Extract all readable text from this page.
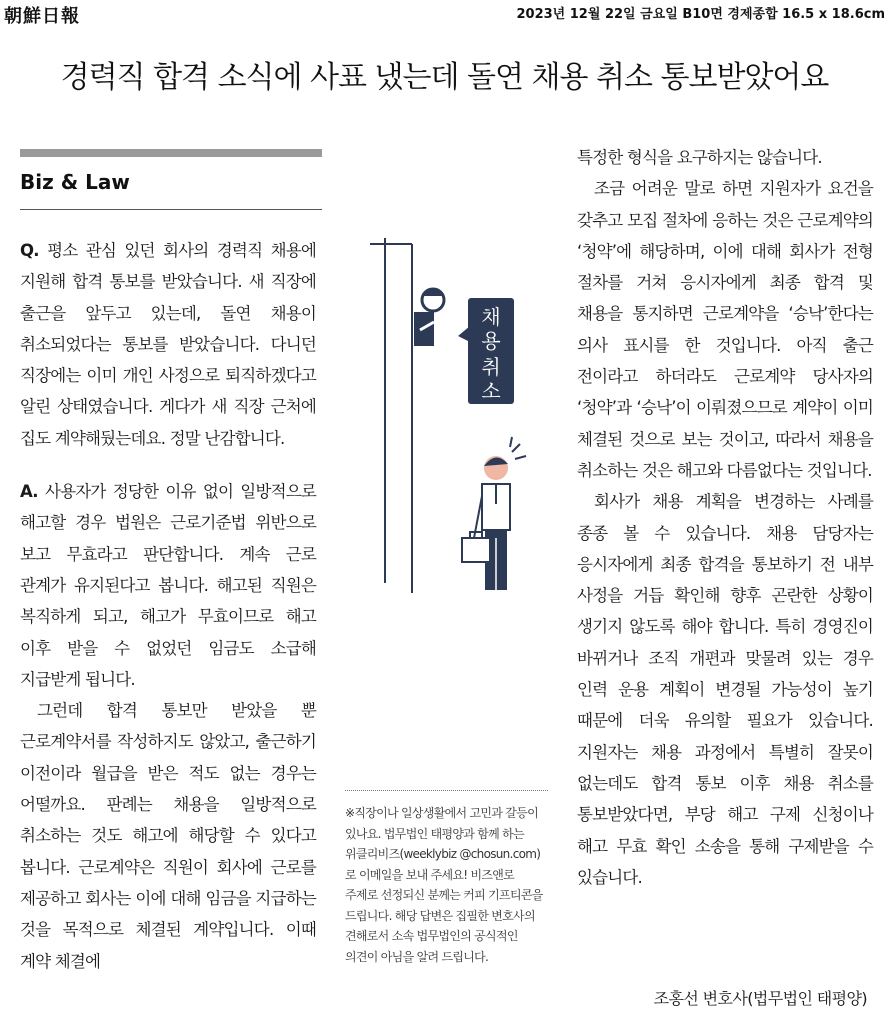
朝鮮日報	2023년 12월 22일 금요일 B10면 경제종합 16.5 x 18.6cm
경력직 합격 소식에 사표 냈는데 돌연 채용 취소 통보받았어요
Biz & Law

Q. 평소 관심 있던 회사의 경력직 채용에 지원해 합격 통보를 받았습니다. 새 직장에 출근을 앞두고 있는데, 돌연 채용이 취소되었다는 통보를 받았습니다. 다니던 직장에는 이미 개인 사정으로 퇴직하겠다고 알린 상태였습니다. 게다가 새 직장 근처에 집도 계약해뒀는데요. 정말 난감합니다.

A. 사용자가 정당한 이유 없이 일방적으로 해고할 경우 법원은 근로기준법 위반으로 보고 무효라고 판단합니다. 계속 근로 관계가 유지된다고 봅니다. 해고된 직원은 복직하게 되고, 해고가 무효이므로 해고 이후 받을 수 없었던 임금도 소급해 지급받게 됩니다.

그런데 합격 통보만 받았을 뿐 근로계약서를 작성하지도 않았고, 출근하기 이전이라 월급을 받은 적도 없는 경우는 어떨까요. 판례는 채용을 일방적으로 취소하는 것도 해고에 해당할 수 있다고 봅니다. 근로계약은 직원이 회사에 근로를 제공하고 회사는 이에 대해 임금을 지급하는 것을 목적으로 체결된 계약입니다. 이때 계약 체결에

특정한 형식을 요구하지는 않습니다.

조금 어려운 말로 하면 지원자가 요건을 갖추고 모집 절차에 응하는 것은 근로계약의 ‘청약’에 해당하며, 이에 대해 회사가 전형 절차를 거쳐 응시자에게 최종 합격 및 채용을 통지하면 근로계약을 ‘승낙’한다는 의사 표시를 한 것입니다. 아직 출근 전이라고 하더라도 근로계약 당사자의 ‘청약’과 ‘승낙’이 이뤄졌으므로 계약이 이미 체결된 것으로 보는 것이고, 따라서 채용을 취소하는 것은 해고와 다름없다는 것입니다.

회사가 채용 계획을 변경하는 사례를 종종 볼 수 있습니다. 채용 담당자는 응시자에게 최종 합격을 통보하기 전 내부 사정을 거듭 확인해 향후 곤란한 상황이 생기지 않도록 해야 합니다. 특히 경영진이 바뀌거나 조직 개편과 맞물려 있는 경우 인력 운용 계획이 변경될 가능성이 높기 때문에 더욱 유의할 필요가 있습니다. 지원자는 채용 과정에서 특별히 잘못이 없는데도 합격 통보 이후 채용 취소를 통보받았다면, 부당 해고 구제 신청이나 해고 무효 확인 소송을 통해 구제받을 수 있습니다.

채
용
취
소

※직장이나 일상생활에서 고민과 갈등이 있나요. 법무법인 태평양과 함께 하는 위클리비즈(weeklybiz @chosun.com)로 이메일을 보내 주세요! 비즈앤로 주제로 선정되신 분께는 커피 기프티콘을 드립니다. 해당 답변은 집필한 변호사의 견해로서 소속 법무법인의 공식적인 의견이 아님을 알려 드립니다.

조홍선 변호사(법무법인 태평양)
